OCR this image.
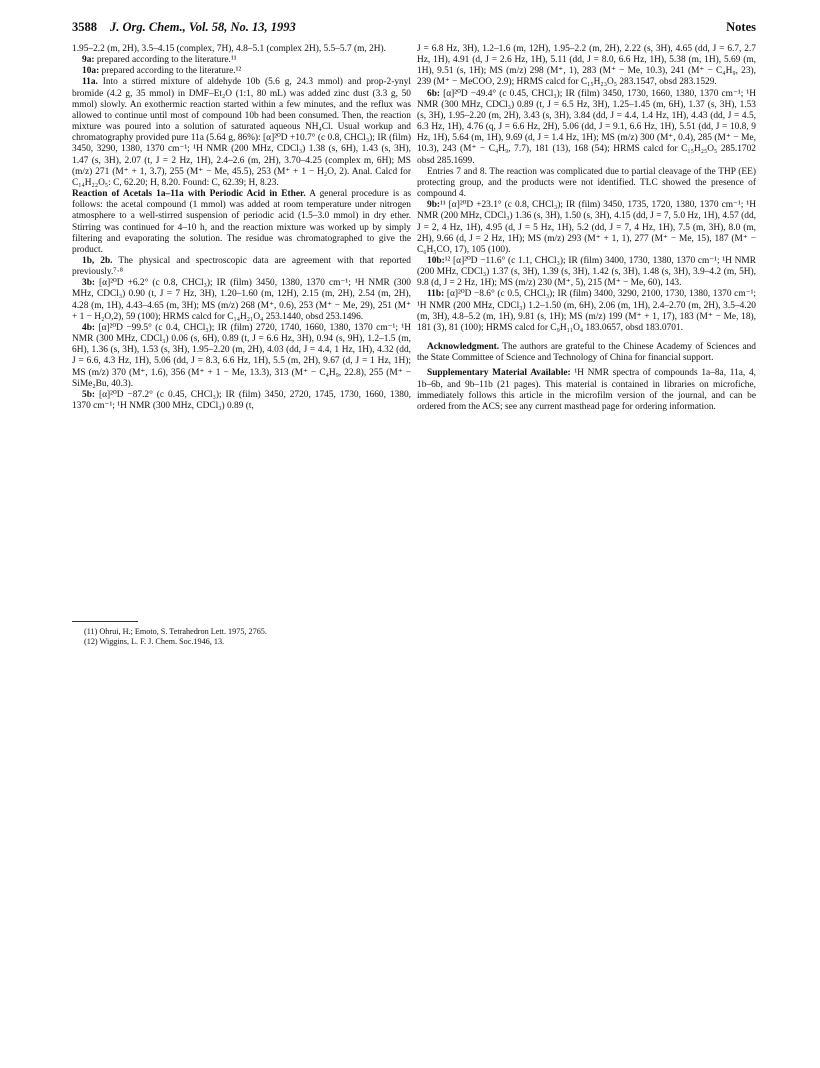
3588 J. Org. Chem., Vol. 58, No. 13, 1993	Notes

1.95–2.2 (m, 2H), 3.5–4.15 (complex, 7H), 4.8–5.1 (complex 2H), 5.5–5.7 (m, 2H).

9a: prepared according to the literature.¹¹

10a: prepared according to the literature.¹²

11a. Into a stirred mixture of aldehyde 10b (5.6 g, 24.3 mmol) and prop-2-ynyl bromide (4.2 g, 35 mmol) in DMF–Et₂O (1:1, 80 mL) was added zinc dust (3.3 g, 50 mmol) slowly. An exothermic reaction started within a few minutes, and the reflux was allowed to continue until most of compound 10b had been consumed. Then, the reaction mixture was poured into a solution of saturated aqueous NH₄Cl. Usual workup and chromatography provided pure 11a (5.64 g, 86%): [α]²⁰D +10.7° (c 0.8, CHCl₃); IR (film) 3450, 3290, 1380, 1370 cm⁻¹; ¹H NMR (200 MHz, CDCl₃) 1.38 (s, 6H), 1.43 (s, 3H), 1.47 (s, 3H), 2.07 (t, J = 2 Hz, 1H), 2.4–2.6 (m, 2H), 3.70–4.25 (complex m, 6H); MS (m/z) 271 (M⁺ + 1, 3.7), 255 (M⁺ − Me, 45.5), 253 (M⁺ + 1 − H₂O, 2). Anal. Calcd for C₁₄H₂₂O₅: C, 62.20; H, 8.20. Found: C, 62.39; H, 8.23.

Reaction of Acetals 1a–11a with Periodic Acid in Ether. A general procedure is as follows: the acetal compound (1 mmol) was added at room temperature under nitrogen atmosphere to a well-stirred suspension of periodic acid (1.5–3.0 mmol) in dry ether. Stirring was continued for 4–10 h, and the reaction mixture was worked up by simply filtering and evaporating the solution. The residue was chromatographed to give the product.

1b, 2b. The physical and spectroscopic data are agreement with that reported previously.⁷·⁸

3b: [α]²⁰D +6.2° (c 0.8, CHCl₃); IR (film) 3450, 1380, 1370 cm⁻¹; ¹H NMR (300 MHz, CDCl₃) 0.90 (t, J = 7 Hz, 3H), 1.20–1.60 (m, 12H), 2.15 (m, 2H), 2.54 (m, 2H), 4.28 (m, 1H), 4.43–4.65 (m, 3H); MS (m/z) 268 (M⁺, 0.6), 253 (M⁺ − Me, 29), 251 (M⁺ + 1 − H₂O,2), 59 (100); HRMS calcd for C₁₄H₂₁O₄ 253.1440, obsd 253.1496.

4b: [α]²⁰D −99.5° (c 0.4, CHCl₃); IR (film) 2720, 1740, 1660, 1380, 1370 cm⁻¹; ¹H NMR (300 MHz, CDCl₃) 0.06 (s, 6H), 0.89 (t, J = 6.6 Hz, 3H), 0.94 (s, 9H), 1.2–1.5 (m, 6H), 1.36 (s, 3H), 1.53 (s, 3H), 1.95–2.20 (m, 2H), 4.03 (dd, J = 4.4, 1 Hz, 1H), 4.32 (dd, J = 6.6, 4.3 Hz, 1H), 5.06 (dd, J = 8.3, 6.6 Hz, 1H), 5.5 (m, 2H), 9.67 (d, J = 1 Hz, 1H); MS (m/z) 370 (M⁺, 1.6), 356 (M⁺ + 1 − Me, 13.3), 313 (M⁺ − C₄H₉, 22.8), 255 (M⁺ − SiMe₂Bu, 40.3).

5b: [α]²⁰D −87.2° (c 0.45, CHCl₃); IR (film) 3450, 2720, 1745, 1730, 1660, 1380, 1370 cm⁻¹; ¹H NMR (300 MHz, CDCl₃) 0.89 (t,

(11) Ohrui, H.; Emoto, S. Tetrahedron Lett. 1975, 2765.
(12) Wiggins, L. F. J. Chem. Soc.1946, 13.

J = 6.8 Hz, 3H), 1.2–1.6 (m, 12H), 1.95–2.2 (m, 2H), 2.22 (s, 3H), 4.65 (dd, J = 6.7, 2.7 Hz, 1H), 4.91 (d, J = 2.6 Hz, 1H), 5.11 (dd, J = 8.0, 6.6 Hz, 1H), 5.38 (m, 1H), 5.69 (m, 1H), 9.51 (s, 1H); MS (m/z) 298 (M⁺, 1), 283 (M⁺ − Me, 10.3), 241 (M⁺ − C₄H₉, 23), 239 (M⁺ − MeCOO, 2.9); HRMS calcd for C₁₅H₂₃O₅ 283.1547, obsd 283.1529.

6b: [α]²⁰D −49.4° (c 0.45, CHCl₃); IR (film) 3450, 1730, 1660, 1380, 1370 cm⁻¹; ¹H NMR (300 MHz, CDCl₃) 0.89 (t, J = 6.5 Hz, 3H), 1.25–1.45 (m, 6H), 1.37 (s, 3H), 1.53 (s, 3H), 1.95–2.20 (m, 2H), 3.43 (s, 3H), 3.84 (dd, J = 4.4, 1.4 Hz, 1H), 4.43 (dd, J = 4.5, 6.3 Hz, 1H), 4.76 (q, J = 6.6 Hz, 2H), 5.06 (dd, J = 9.1, 6.6 Hz, 1H), 5.51 (dd, J = 10.8, 9 Hz, 1H), 5.64 (m, 1H), 9.69 (d, J = 1.4 Hz, 1H); MS (m/z) 300 (M⁺, 0.4), 285 (M⁺ − Me, 10.3), 243 (M⁺ − C₄H₉, 7.7), 181 (13), 168 (54); HRMS calcd for C₁₅H₂₅O₅ 285.1702 obsd 285.1699.

Entries 7 and 8. The reaction was complicated due to partial cleavage of the THP (EE) protecting group, and the products were not identified. TLC showed the presence of compound 4.

9b:¹¹ [α]²⁰D +23.1° (c 0.8, CHCl₃); IR (film) 3450, 1735, 1720, 1380, 1370 cm⁻¹; ¹H NMR (200 MHz, CDCl₃) 1.36 (s, 3H), 1.50 (s, 3H), 4.15 (dd, J = 7, 5.0 Hz, 1H), 4.57 (dd, J = 2, 4 Hz, 1H), 4.95 (d, J = 5 Hz, 1H), 5.2 (dd, J = 7, 4 Hz, 1H), 7.5 (m, 3H), 8.0 (m, 2H), 9.66 (d, J = 2 Hz, 1H); MS (m/z) 293 (M⁺ + 1, 1), 277 (M⁺ − Me, 15), 187 (M⁺ − C₆H₅CO, 17), 105 (100).

10b:¹² [α]²⁰D −11.6° (c 1.1, CHCl₃); IR (film) 3400, 1730, 1380, 1370 cm⁻¹; ¹H NMR (200 MHz, CDCl₃) 1.37 (s, 3H), 1.39 (s, 3H), 1.42 (s, 3H), 1.48 (s, 3H), 3.9–4.2 (m, 5H), 9.8 (d, J = 2 Hz, 1H); MS (m/z) 230 (M⁺, 5), 215 (M⁺ − Me, 60), 143.

11b: [α]²⁰D −8.6° (c 0.5, CHCl₃); IR (film) 3400, 3290, 2100, 1730, 1380, 1370 cm⁻¹; ¹H NMR (200 MHz, CDCl₃) 1.2–1.50 (m, 6H), 2.06 (m, 1H), 2.4–2.70 (m, 2H), 3.5–4.20 (m, 3H), 4.8–5.2 (m, 1H), 9.81 (s, 1H); MS (m/z) 199 (M⁺ + 1, 17), 183 (M⁺ − Me, 18), 181 (3), 81 (100); HRMS calcd for C₉H₁₁O₄ 183.0657, obsd 183.0701.

Acknowledgment. The authors are grateful to the Chinese Academy of Sciences and the State Committee of Science and Technology of China for financial support.

Supplementary Material Available: ¹H NMR spectra of compounds 1a–8a, 11a, 4, 1b–6b, and 9b–11b (21 pages). This material is contained in libraries on microfiche, immediately follows this article in the microfilm version of the journal, and can be ordered from the ACS; see any current masthead page for ordering information.
